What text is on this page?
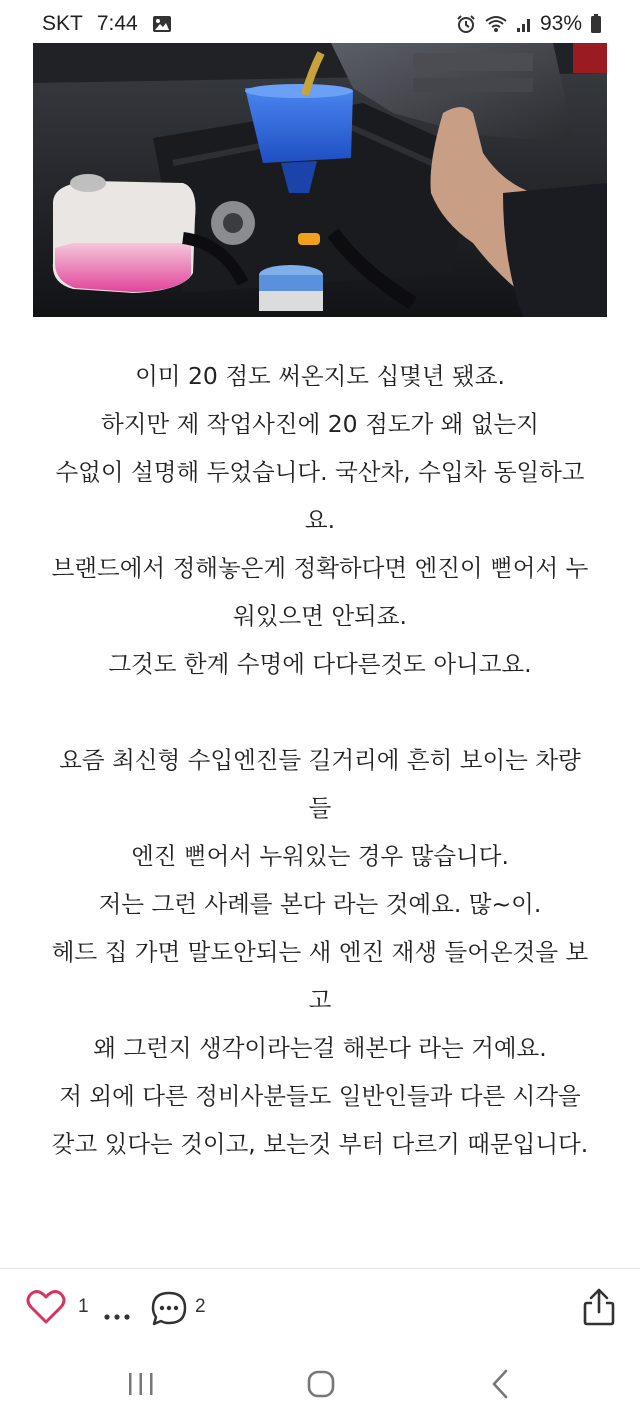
SKT 7:44	93%
이미 20 점도 써온지도 십몇년 됐죠.
하지만 제 작업사진에 20 점도가 왜 없는지
수없이 설명해 두었습니다. 국산차, 수입차 동일하고
요.
브랜드에서 정해놓은게 정확하다면 엔진이 뻗어서 누
워있으면 안되죠.
그것도 한계 수명에 다다른것도 아니고요.
요즘 최신형 수입엔진들 길거리에 흔히 보이는 차량
들
엔진 뻗어서 누워있는 경우 많습니다.
저는 그런 사례를 본다 라는 것예요. 많~이.
헤드 집 가면 말도안되는 새 엔진 재생 들어온것을 보
고
왜 그런지 생각이라는걸 해본다 라는 거예요.
저 외에 다른 정비사분들도 일반인들과 다른 시각을
갖고 있다는 것이고, 보는것 부터 다르기 때문입니다.
1	2
